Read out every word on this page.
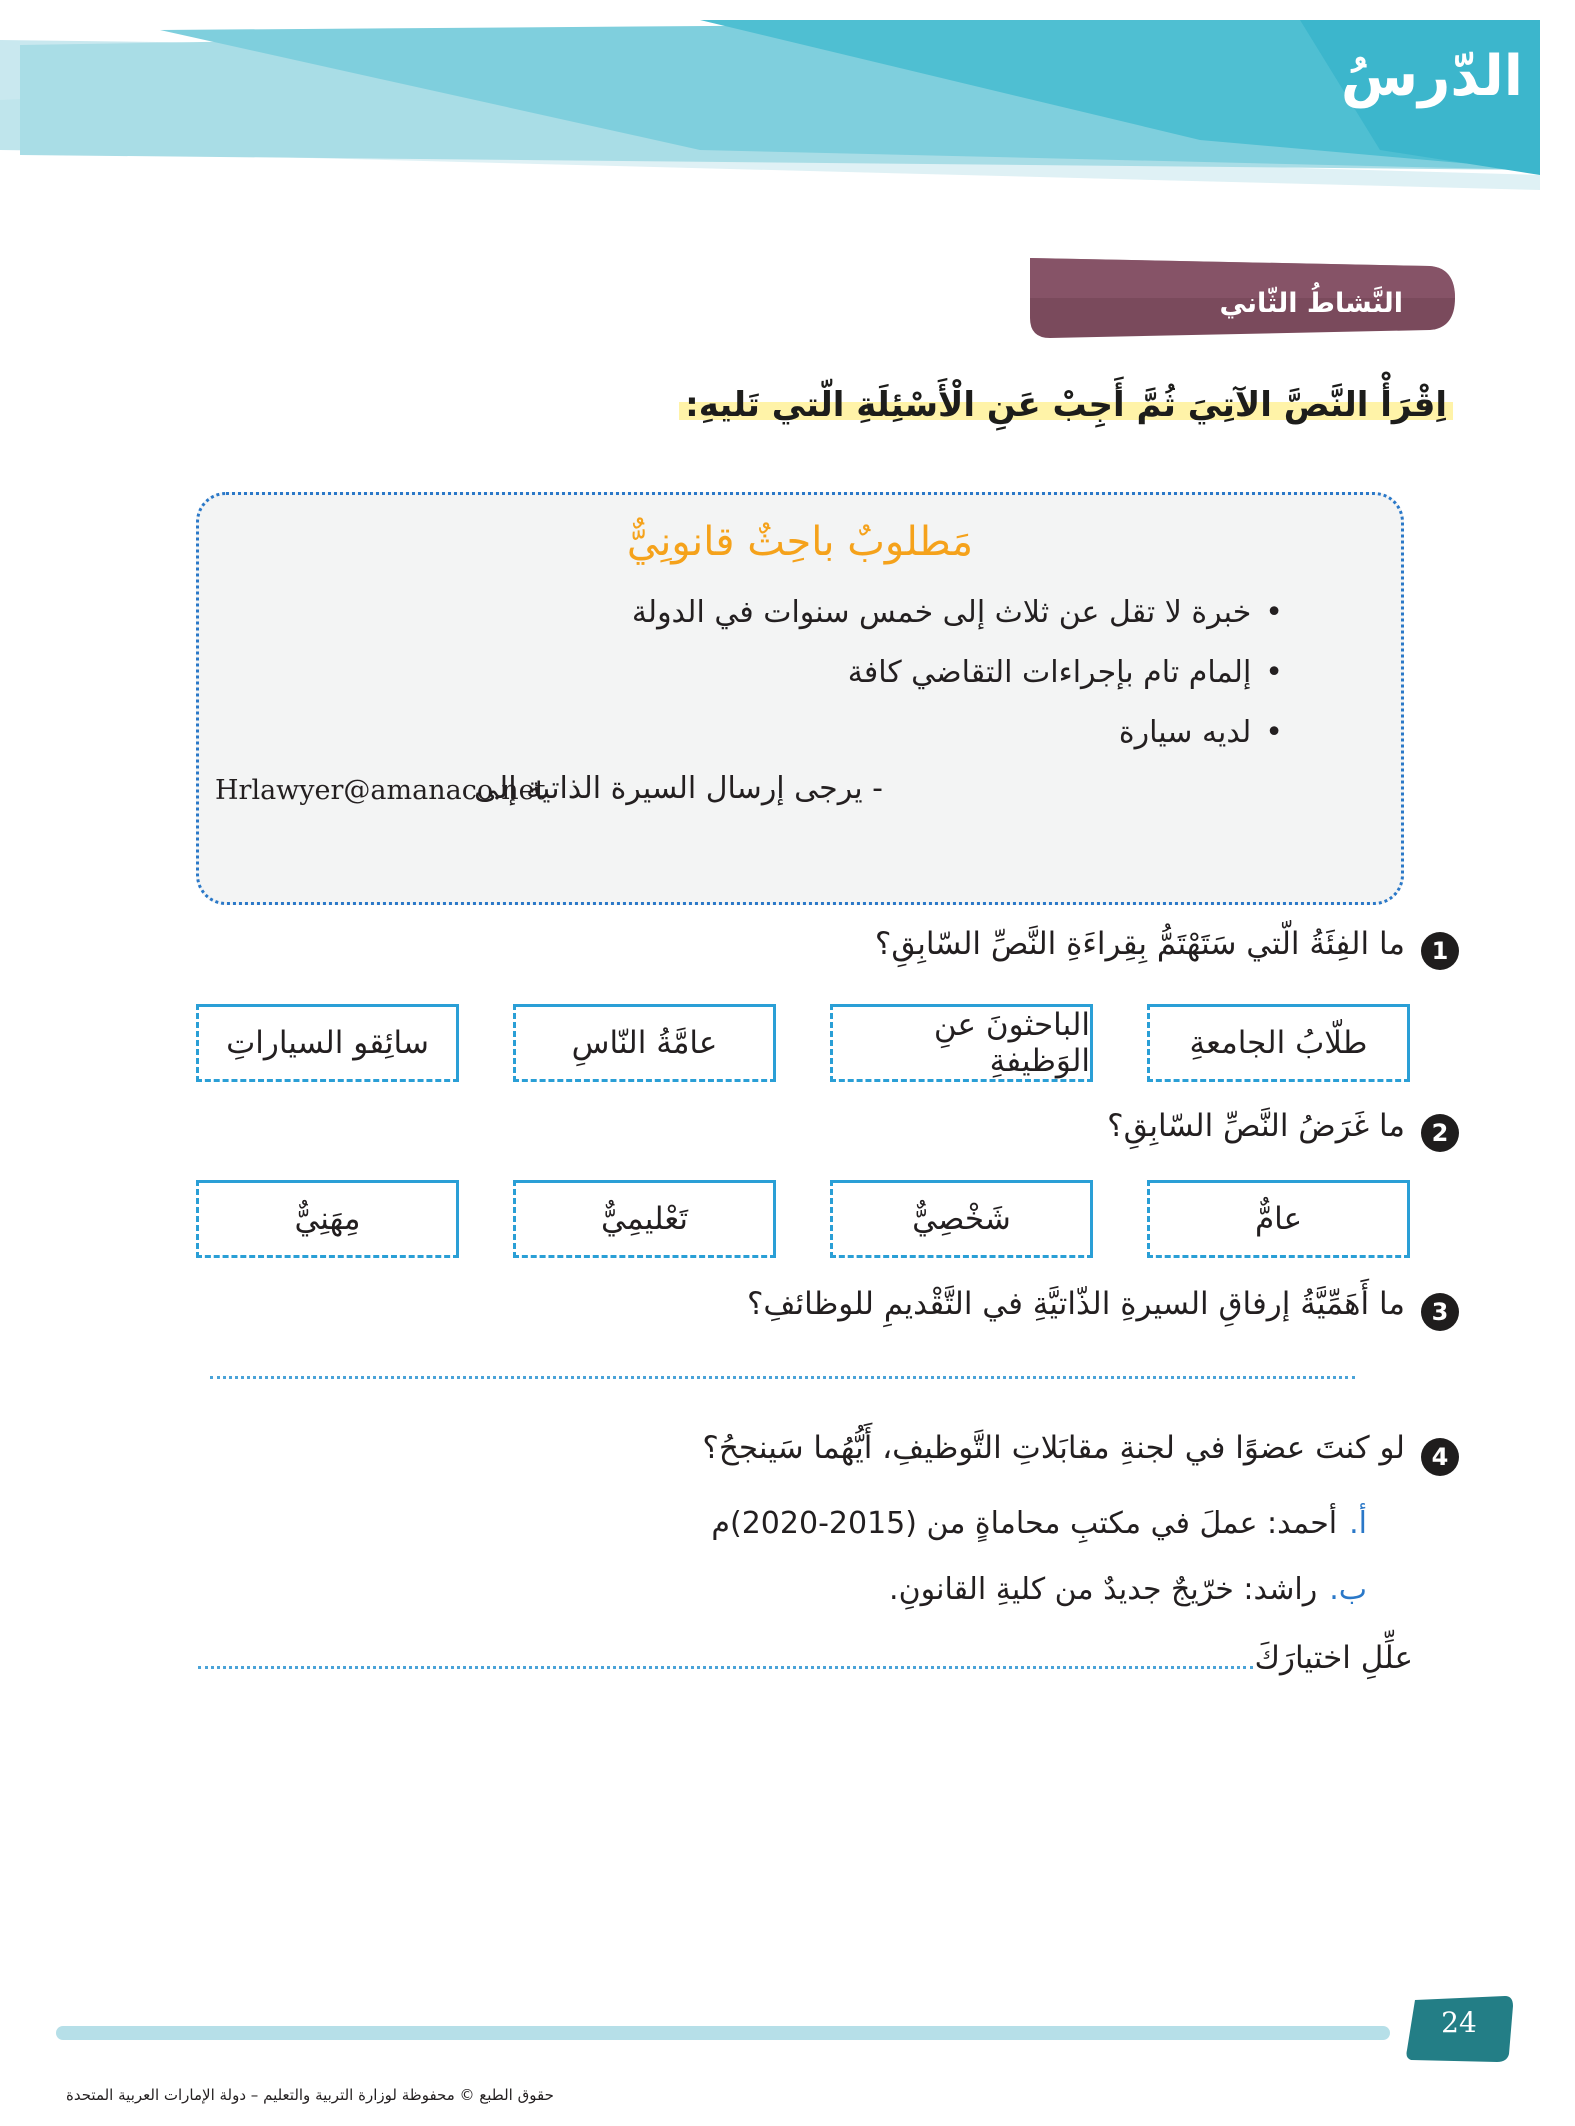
الدّرسُ
النَّشاطُ الثّاني
اِقْرَأْ النَّصَّ الآتِيَ ثُمَّ أَجِبْ عَنِ الْأَسْئِلَةِ الّتي تَليهِ:
مَطلوبٌ باحِثٌ قانونِيٌّ
•خبرة لا تقل عن ثلاث إلى خمس سنوات في الدولة
•إلمام تام بإجراءات التقاضي كافة
•لديه سيارة
- يرجى إرسال السيرة الذاتية إلى
Hrlawyer@amanaco.net
1
ما الفِئَةُ الّتي سَتَهْتَمُّ بِقِراءَةِ النَّصِّ السّابِقِ؟
طلّابُ الجامعةِ
الباحثونَ عنِ الوَظيفةِ
عامَّةُ النّاسِ
سائِقو السياراتِ
2
ما غَرَضُ النَّصِّ السّابِقِ؟
عامٌّ
شَخْصِيٌّ
تَعْليمِيٌّ
مِهَنِيٌّ
3
ما أَهَمِّيَّةُ إرفاقِ السيرةِ الذّاتيَّةِ في التَّقْديمِ للوظائفِ؟
4
لو كنتَ عضوًا في لجنةِ مقابَلاتِ التَّوظيفِ، أَيُّهُما سَينجحُ؟
أ.أحمد: عملَ في مكتبِ محاماةٍ من (2015-2020)م
ب.راشد: خرّيجٌ جديدٌ من كليةِ القانونِ.
علِّلِ اختيارَكَ
24
حقوق الطبع © محفوظة لوزارة التربية والتعليم – دولة الإمارات العربية المتحدة
